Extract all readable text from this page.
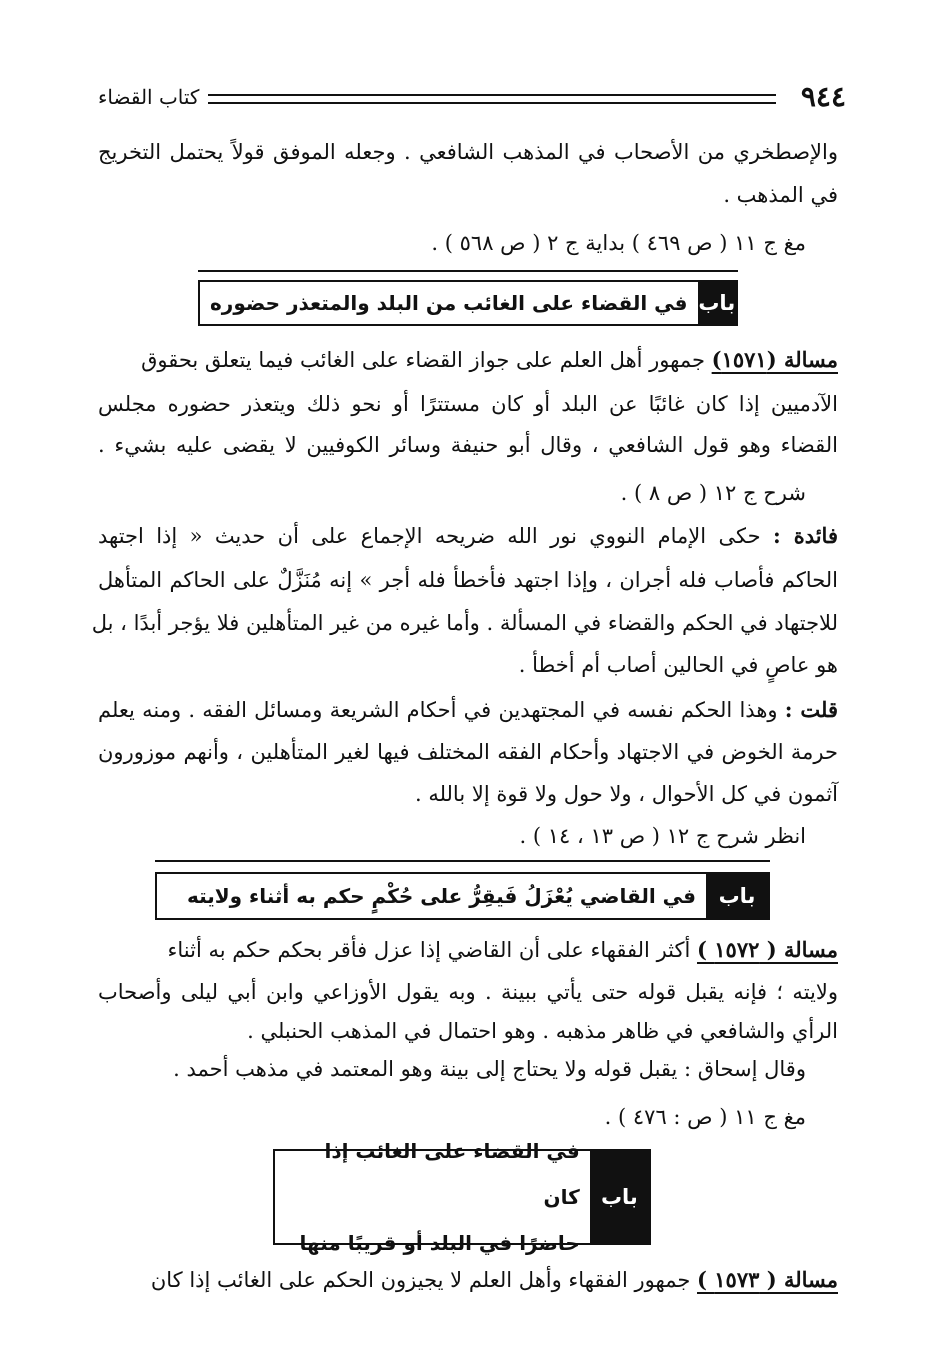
٩٤٤
كتاب القضاء
والإصطخري من الأصحاب في المذهب الشافعي . وجعله الموفق قولاً يحتمل التخريج
في المذهب .
مغ ج ١١ ( ص ٤٦٩ ) بداية ج ٢ ( ص ٥٦٨ ) .
باب
في القضاء على الغائب من البلد والمتعذر حضوره
مسالة (١٥٧١) جمهور أهل العلم على جواز القضاء على الغائب فيما يتعلق بحقوق
الآدميين إذا كان غائبًا عن البلد أو كان مستترًا أو نحو ذلك ويتعذر حضوره مجلس
القضاء وهو قول الشافعي ، وقال أبو حنيفة وسائر الكوفيين لا يقضى عليه بشيء .
شرح ج ١٢ ( ص ٨ ) .
فائدة : حكى الإمام النووي نور الله ضريحه الإجماع على أن حديث « إذا اجتهد
الحاكم فأصاب فله أجران ، وإذا اجتهد فأخطأ فله أجر » إنه مُنَزَّلٌ على الحاكم المتأهل
للاجتهاد في الحكم والقضاء في المسألة . وأما غيره من غير المتأهلين فلا يؤجر أبدًا ، بل
هو عاصٍ في الحالين أصاب أم أخطأ .
قلت : وهذا الحكم نفسه في المجتهدين في أحكام الشريعة ومسائل الفقه . ومنه يعلم
حرمة الخوض في الاجتهاد وأحكام الفقه المختلف فيها لغير المتأهلين ، وأنهم موزورون
آثمون في كل الأحوال ، ولا حول ولا قوة إلا بالله .
انظر شرح ج ١٢ ( ص ١٣ ، ١٤ ) .
باب
في القاضي يُعْزَلُ فَيقِرُّ على حُكْمٍ حكم به أثناء ولايته
مسالة ( ١٥٧٢ ) أكثر الفقهاء على أن القاضي إذا عزل فأقر بحكم حكم به أثناء
ولايته ؛ فإنه يقبل قوله حتى يأتي ببينة . وبه يقول الأوزاعي وابن أبي ليلى وأصحاب
الرأي والشافعي في ظاهر مذهبه . وهو احتمال في المذهب الحنبلي .
وقال إسحاق : يقبل قوله ولا يحتاج إلى بينة وهو المعتمد في مذهب أحمد .
مغ ج ١١ ( ص : ٤٧٦ ) .
باب
في القضاء على الغائب إذا كان
حاضرًا في البلد أو قريبًا منها
مسالة ( ١٥٧٣ ) جمهور الفقهاء وأهل العلم لا يجيزون الحكم على الغائب إذا كان
